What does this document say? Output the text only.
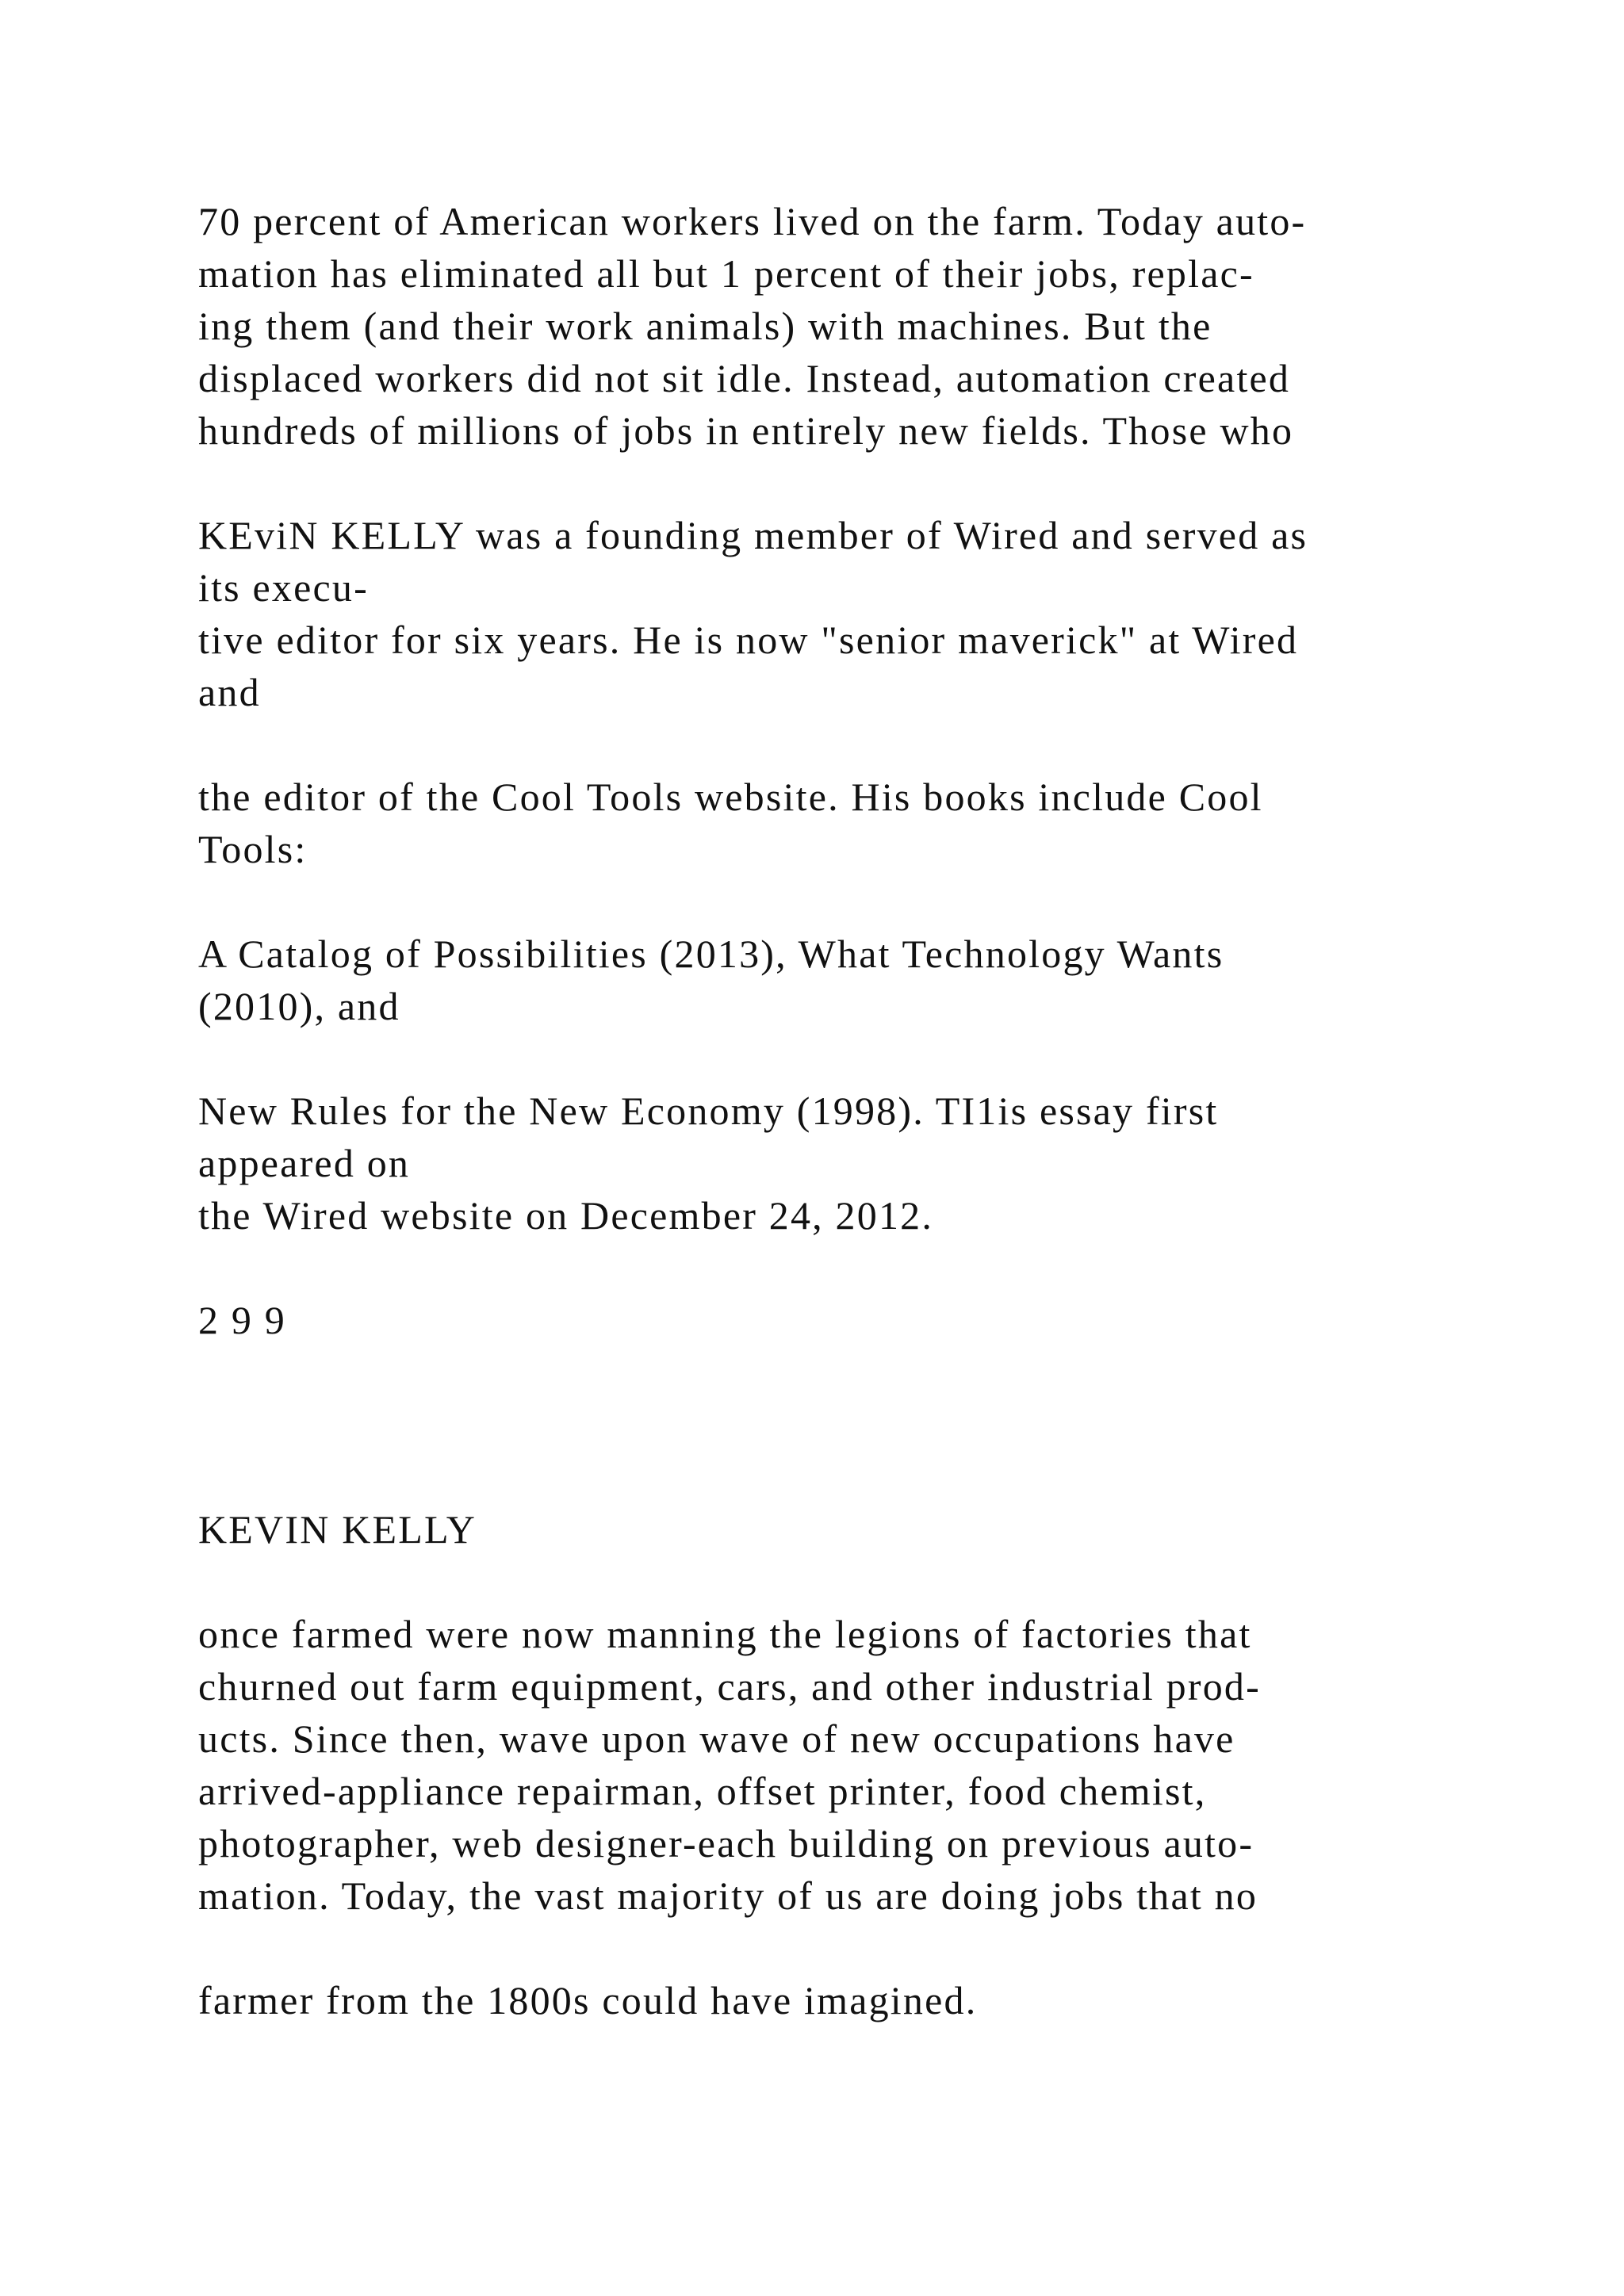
70 percent of American workers lived on the farm. Today auto-

mation has eliminated all but 1 percent of their jobs, replac-

ing them (and their work animals) with machines. But the

displaced workers did not sit idle. Instead, automation created

hundreds of millions of jobs in entirely new fields. Those who

KEviN KELLY was a founding member of Wired and served as

its execu-

tive editor for six years. He is now "senior maverick" at Wired

and

the editor of the Cool Tools website. His books include Cool

Tools:

A Catalog of Possibilities (2013), What Technology Wants

(2010), and

New Rules for the New Economy (1998). TI1is essay first

appeared on

the Wired website on December 24, 2012.

2 9 9

KEVIN KELLY

once farmed were now manning the legions of factories that

churned out farm equipment, cars, and other industrial prod-

ucts. Since then, wave upon wave of new occupations have

arrived-appliance repairman, offset printer, food chemist,

photographer, web designer-each building on previous auto-

mation. Today, the vast majority of us are doing jobs that no

farmer from the 1800s could have imagined.
